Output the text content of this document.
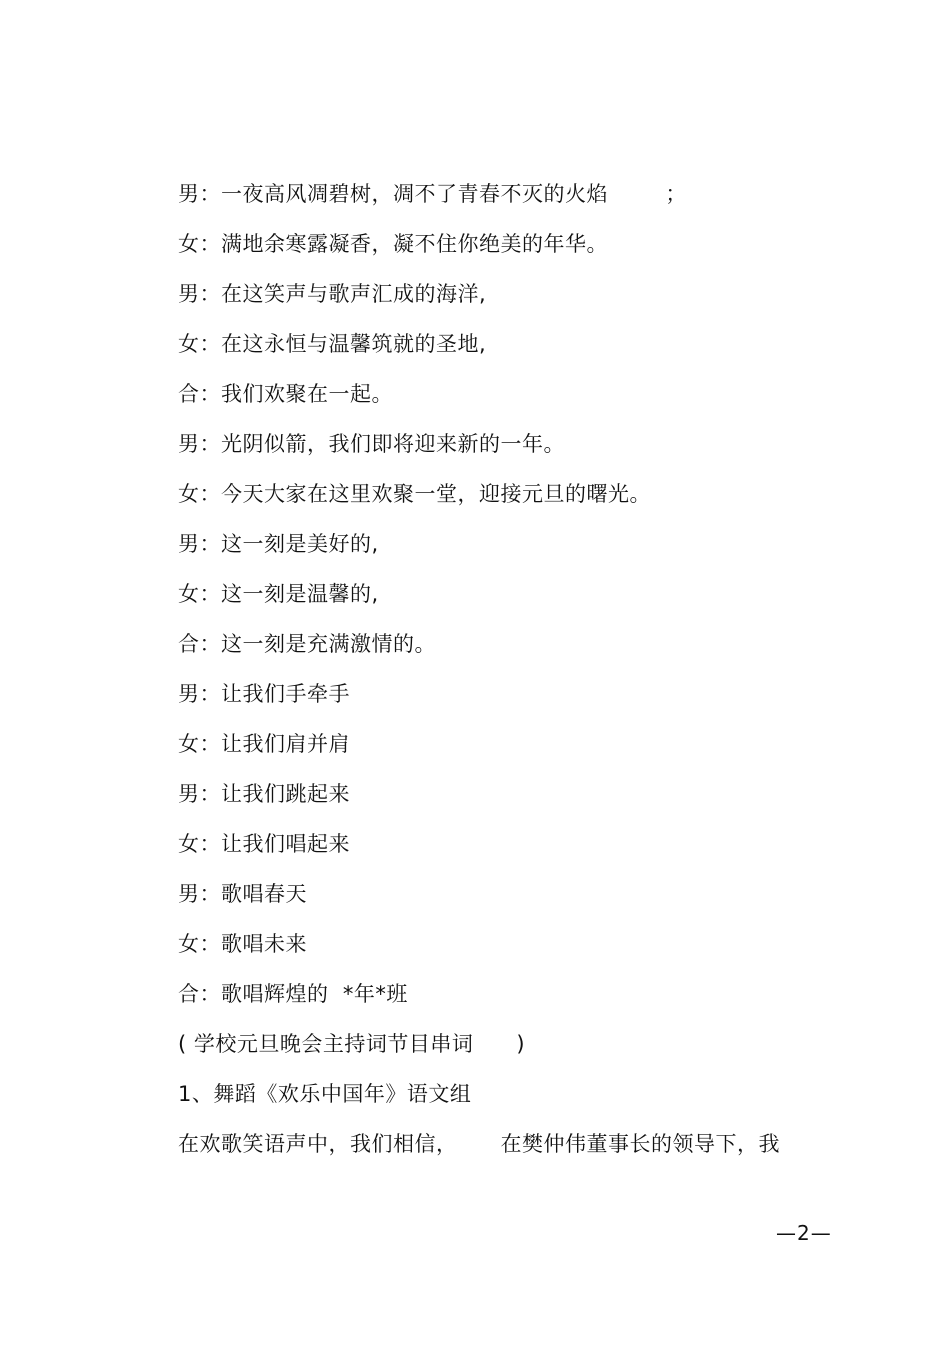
男：一夜高风凋碧树，凋不了青春不灭的火焰        ；
女：满地余寒露凝香，凝不住你绝美的年华。
男：在这笑声与歌声汇成的海洋,
女：在这永恒与温馨筑就的圣地,
合：我们欢聚在一起。
男：光阴似箭，我们即将迎来新的一年。
女：今天大家在这里欢聚一堂，迎接元旦的曙光。
男：这一刻是美好的,
女：这一刻是温馨的,
合：这一刻是充满激情的。
男：让我们手牵手
女：让我们肩并肩
男：让我们跳起来
女：让我们唱起来
男：歌唱春天
女：歌唱未来
合：歌唱辉煌的  *年*班
( 学校元旦晚会主持词节目串词      )
1、舞蹈《欢乐中国年》语文组
在欢歌笑语声中，我们相信，      在樊仲伟董事长的领导下，我
—2—
